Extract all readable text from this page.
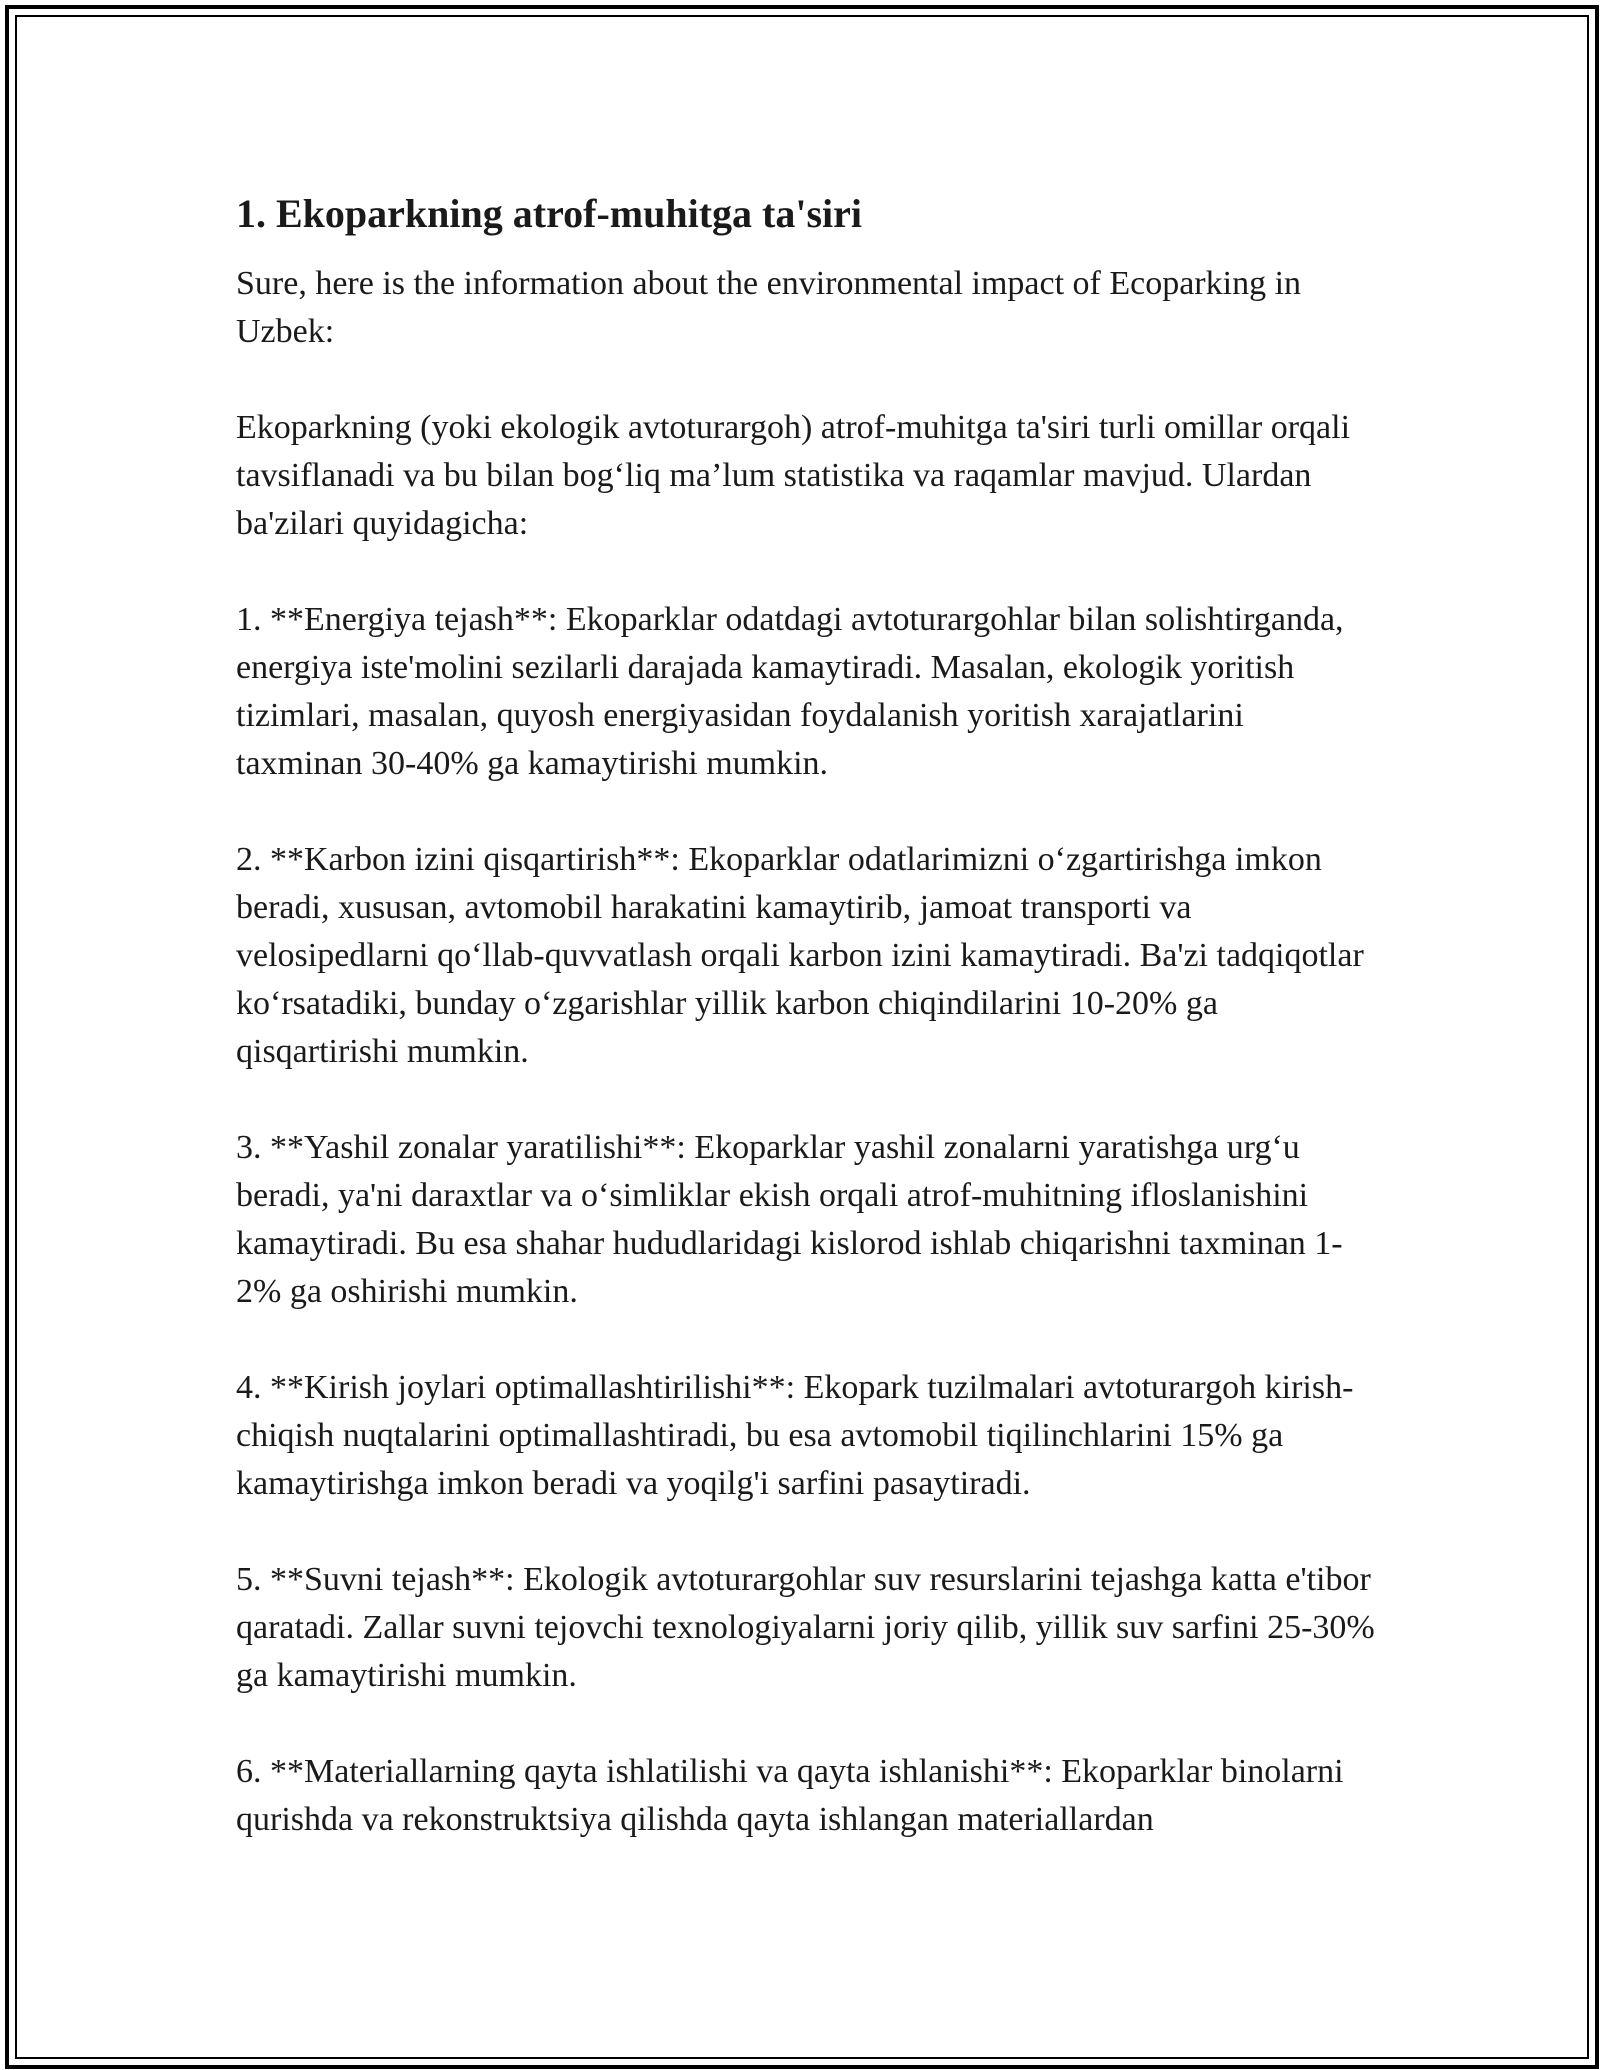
1. Ekoparkning atrof-muhitga ta'siri

Sure, here is the information about the environmental impact of Ecoparking in Uzbek:

Ekoparkning (yoki ekologik avtoturargoh) atrof-muhitga ta'siri turli omillar orqali tavsiflanadi va bu bilan bog‘liq ma’lum statistika va raqamlar mavjud. Ulardan ba'zilari quyidagicha:

1. **Energiya tejash**: Ekoparklar odatdagi avtoturargohlar bilan solishtirganda, energiya iste'molini sezilarli darajada kamaytiradi. Masalan, ekologik yoritish tizimlari, masalan, quyosh energiyasidan foydalanish yoritish xarajatlarini taxminan 30-40% ga kamaytirishi mumkin.

2. **Karbon izini qisqartirish**: Ekoparklar odatlarimizni o‘zgartirishga imkon beradi, xususan, avtomobil harakatini kamaytirib, jamoat transporti va velosipedlarni qo‘llab-quvvatlash orqali karbon izini kamaytiradi. Ba'zi tadqiqotlar ko‘rsatadiki, bunday o‘zgarishlar yillik karbon chiqindilarini 10-20% ga qisqartirishi mumkin.

3. **Yashil zonalar yaratilishi**: Ekoparklar yashil zonalarni yaratishga urg‘u beradi, ya'ni daraxtlar va o‘simliklar ekish orqali atrof-muhitning ifloslanishini kamaytiradi. Bu esa shahar hududlaridagi kislorod ishlab chiqarishni taxminan 1-2% ga oshirishi mumkin.

4. **Kirish joylari optimallashtirilishi**: Ekopark tuzilmalari avtoturargoh kirish-chiqish nuqtalarini optimallashtiradi, bu esa avtomobil tiqilinchlarini 15% ga kamaytirishga imkon beradi va yoqilg'i sarfini pasaytiradi.

5. **Suvni tejash**: Ekologik avtoturargohlar suv resurslarini tejashga katta e'tibor qaratadi. Zallar suvni tejovchi texnologiyalarni joriy qilib, yillik suv sarfini 25-30% ga kamaytirishi mumkin.

6. **Materiallarning qayta ishlatilishi va qayta ishlanishi**: Ekoparklar binolarni qurishda va rekonstruktsiya qilishda qayta ishlangan materiallardan
